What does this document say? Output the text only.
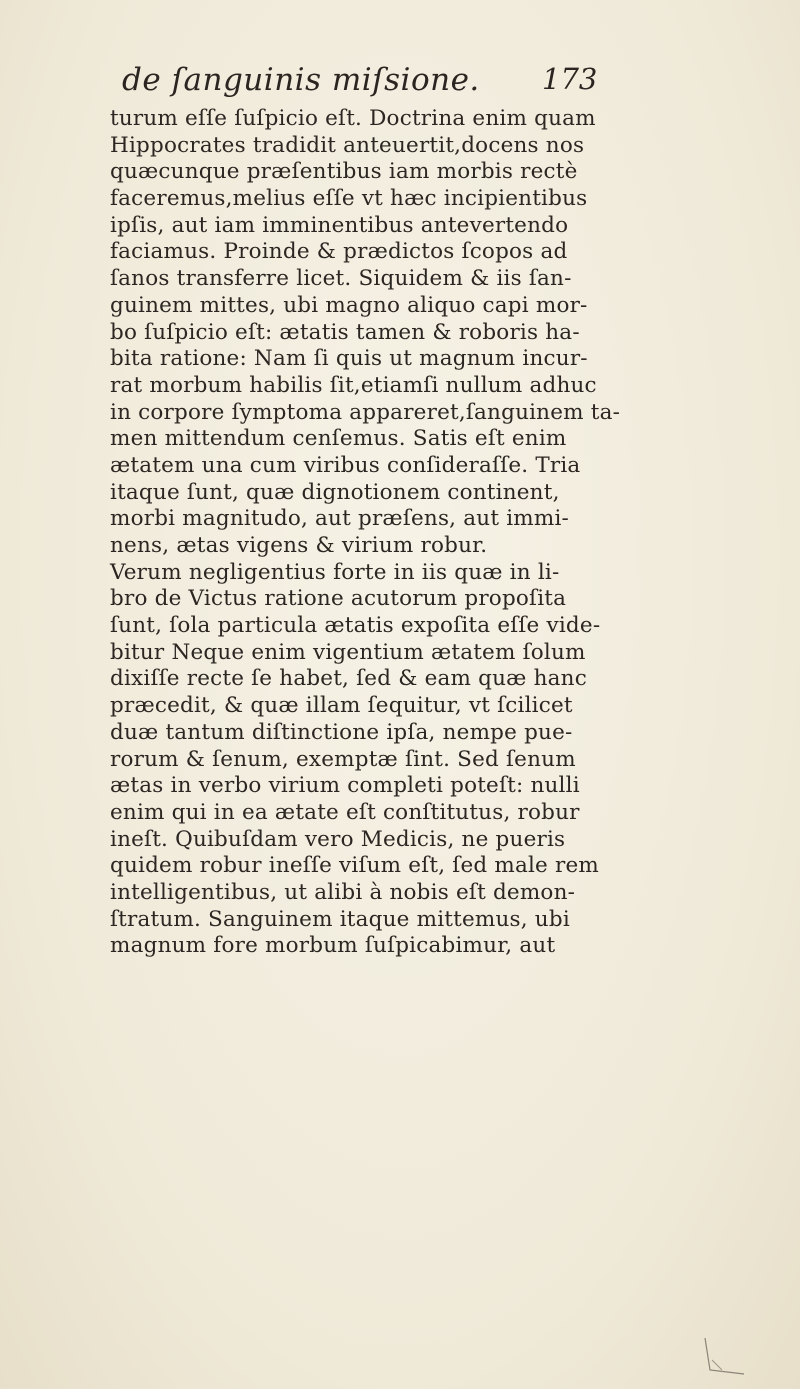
de ſanguinis miſsione. 173
turum eſſe ſuſpicio eſt. Doctrina enim quam
Hippocrates tradidit anteuertit,docens nos
quæcunque præſentibus iam morbis rectè
faceremus,melius eſſe vt hæc incipientibus
ipſis, aut iam imminentibus antevertendo
faciamus. Proinde & prædictos ſcopos ad
ſanos transferre licet. Siquidem & iis ſan-
guinem mittes, ubi magno aliquo capi mor-
bo ſuſpicio eſt: ætatis tamen & roboris ha-
bita ratione: Nam ſi quis ut magnum incur-
rat morbum habilis ſit,etiamſi nullum adhuc
in corpore ſymptoma appareret,ſanguinem ta-
men mittendum cenſemus. Satis eſt enim
ætatem una cum viribus conſideraſſe. Tria
itaque ſunt, quæ dignotionem continent,
morbi magnitudo, aut præſens, aut immi-
nens, ætas vigens & virium robur.
Verum negligentius forte in iis quæ in li-
bro de Victus ratione acutorum propoſita
ſunt, ſola particula ætatis expoſita eſſe vide-
bitur Neque enim vigentium ætatem ſolum
dixiſſe recte ſe habet, ſed & eam quæ hanc
præcedit, & quæ illam ſequitur, vt ſcilicet
duæ tantum diſtinctione ipſa, nempe pue-
rorum & ſenum, exemptæ ſint. Sed ſenum
ætas in verbo virium completi poteſt: nulli
enim qui in ea ætate eſt conſtitutus, robur
ineſt. Quibuſdam vero Medicis, ne pueris
quidem robur ineſſe viſum eſt, ſed male rem
intelligentibus, ut alibi à nobis eſt demon-
ſtratum. Sanguinem itaque mittemus, ubi
magnum fore morbum ſuſpicabimur, aut
